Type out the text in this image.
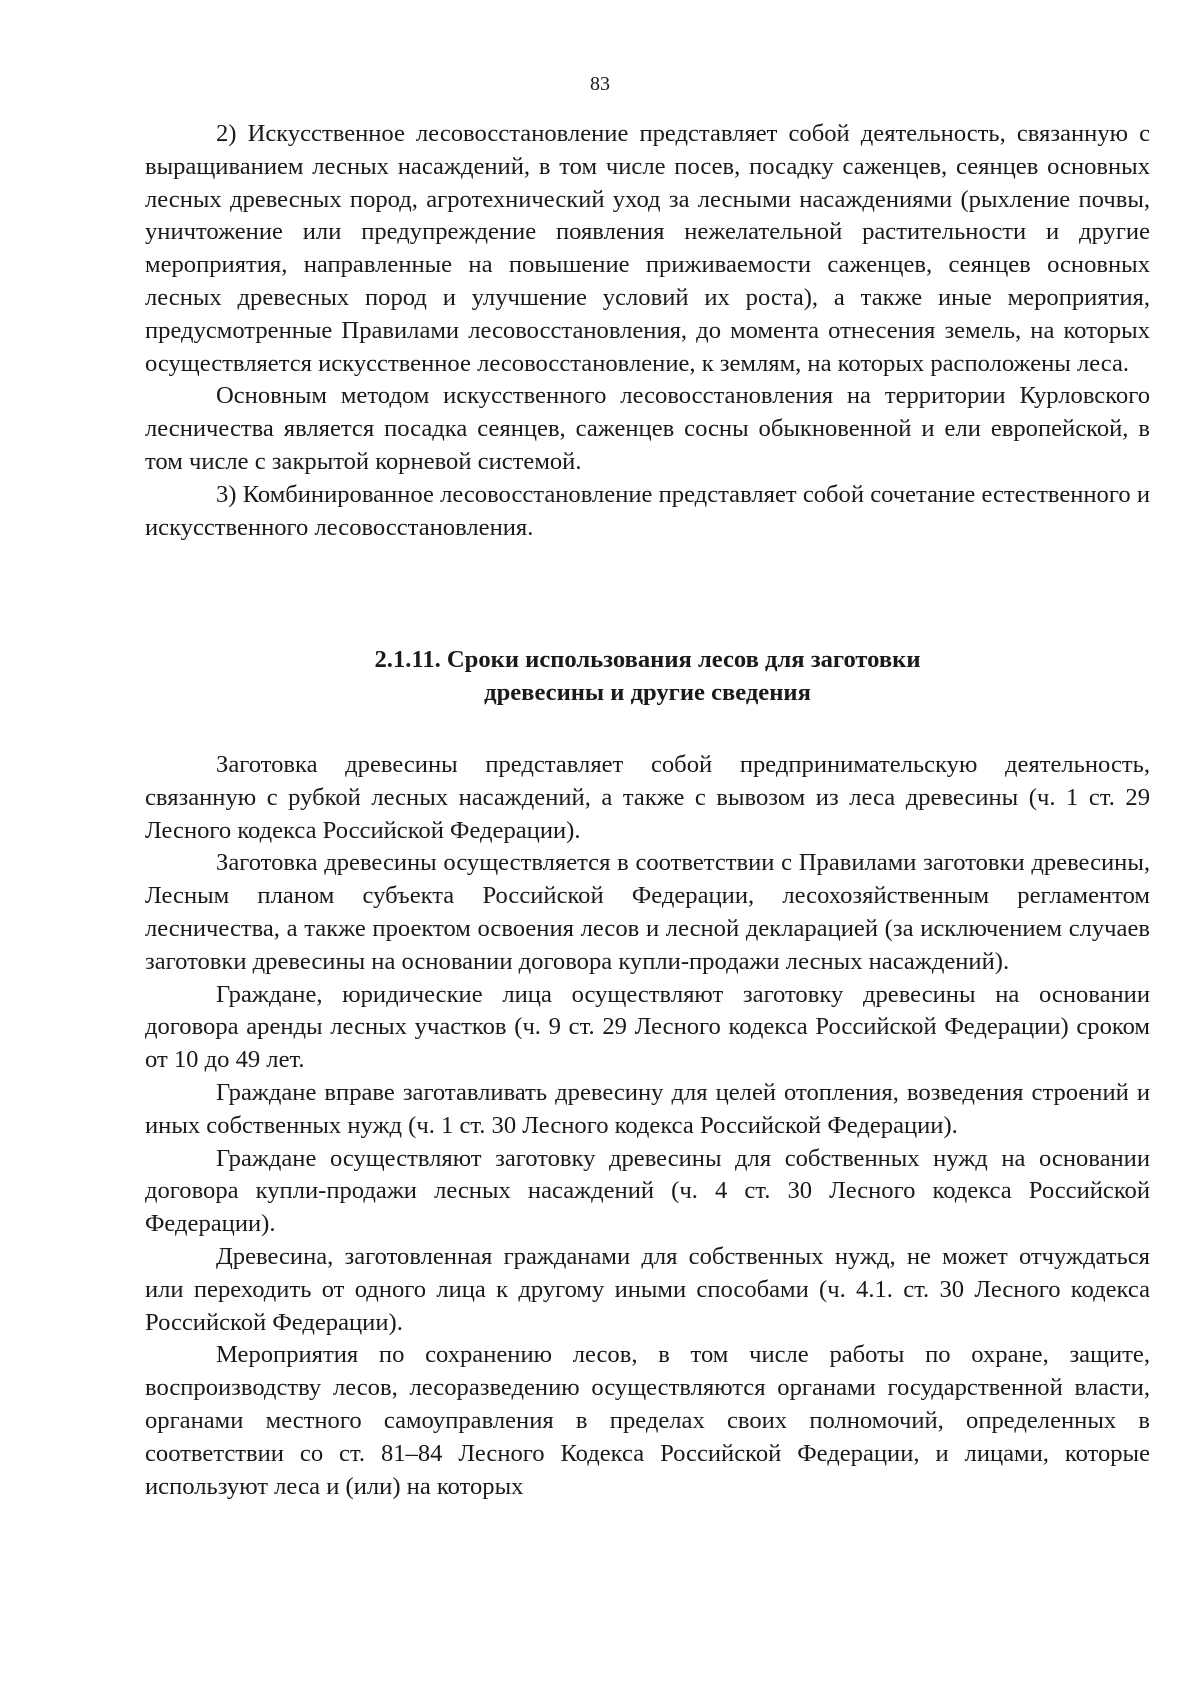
83

2) Искусственное лесовосстановление представляет собой деятельность, связанную с выращиванием лесных насаждений, в том числе посев, посадку саженцев, сеянцев основных лесных древесных пород, агротехнический уход за лесными насаждениями (рыхление почвы, уничтожение или предупреждение появления нежелательной растительности и другие мероприятия, направленные на повышение приживаемости саженцев, сеянцев основных лесных древесных пород и улучшение условий их роста), а также иные мероприятия, предусмотренные Правилами лесовосстановления, до момента отнесения земель, на которых осуществляется искусственное лесовосстановление, к землям, на которых расположены леса.

Основным методом искусственного лесовосстановления на территории Курловского лесничества является посадка сеянцев, саженцев сосны обыкновенной и ели европейской, в том числе с закрытой корневой системой.

3) Комбинированное лесовосстановление представляет собой сочетание естественного и искусственного лесовосстановления.

2.1.11. Сроки использования лесов для заготовки
древесины и другие сведения

Заготовка древесины представляет собой предпринимательскую деятельность, связанную с рубкой лесных насаждений, а также с вывозом из леса древесины (ч. 1 ст. 29 Лесного кодекса Российской Федерации).

Заготовка древесины осуществляется в соответствии с Правилами заготовки древесины, Лесным планом субъекта Российской Федерации, лесохозяйственным регламентом лесничества, а также проектом освоения лесов и лесной декларацией (за исключением случаев заготовки древесины на основании договора купли-продажи лесных насаждений).

Граждане, юридические лица осуществляют заготовку древесины на основании договора аренды лесных участков (ч. 9 ст. 29 Лесного кодекса Российской Федерации) сроком от 10 до 49 лет.

Граждане вправе заготавливать древесину для целей отопления, возведения строений и иных собственных нужд (ч. 1 ст. 30 Лесного кодекса Российской Федерации).

Граждане осуществляют заготовку древесины для собственных нужд на основании договора купли-продажи лесных насаждений (ч. 4 ст. 30 Лесного кодекса Российской Федерации).

Древесина, заготовленная гражданами для собственных нужд, не может отчуждаться или переходить от одного лица к другому иными способами (ч. 4.1. ст. 30 Лесного кодекса Российской Федерации).

Мероприятия по сохранению лесов, в том числе работы по охране, защите, воспроизводству лесов, лесоразведению осуществляются органами государственной власти, органами местного самоуправления в пределах своих полномочий, определенных в соответствии со ст. 81–84 Лесного Кодекса Российской Федерации, и лицами, которые используют леса и (или) на которых
